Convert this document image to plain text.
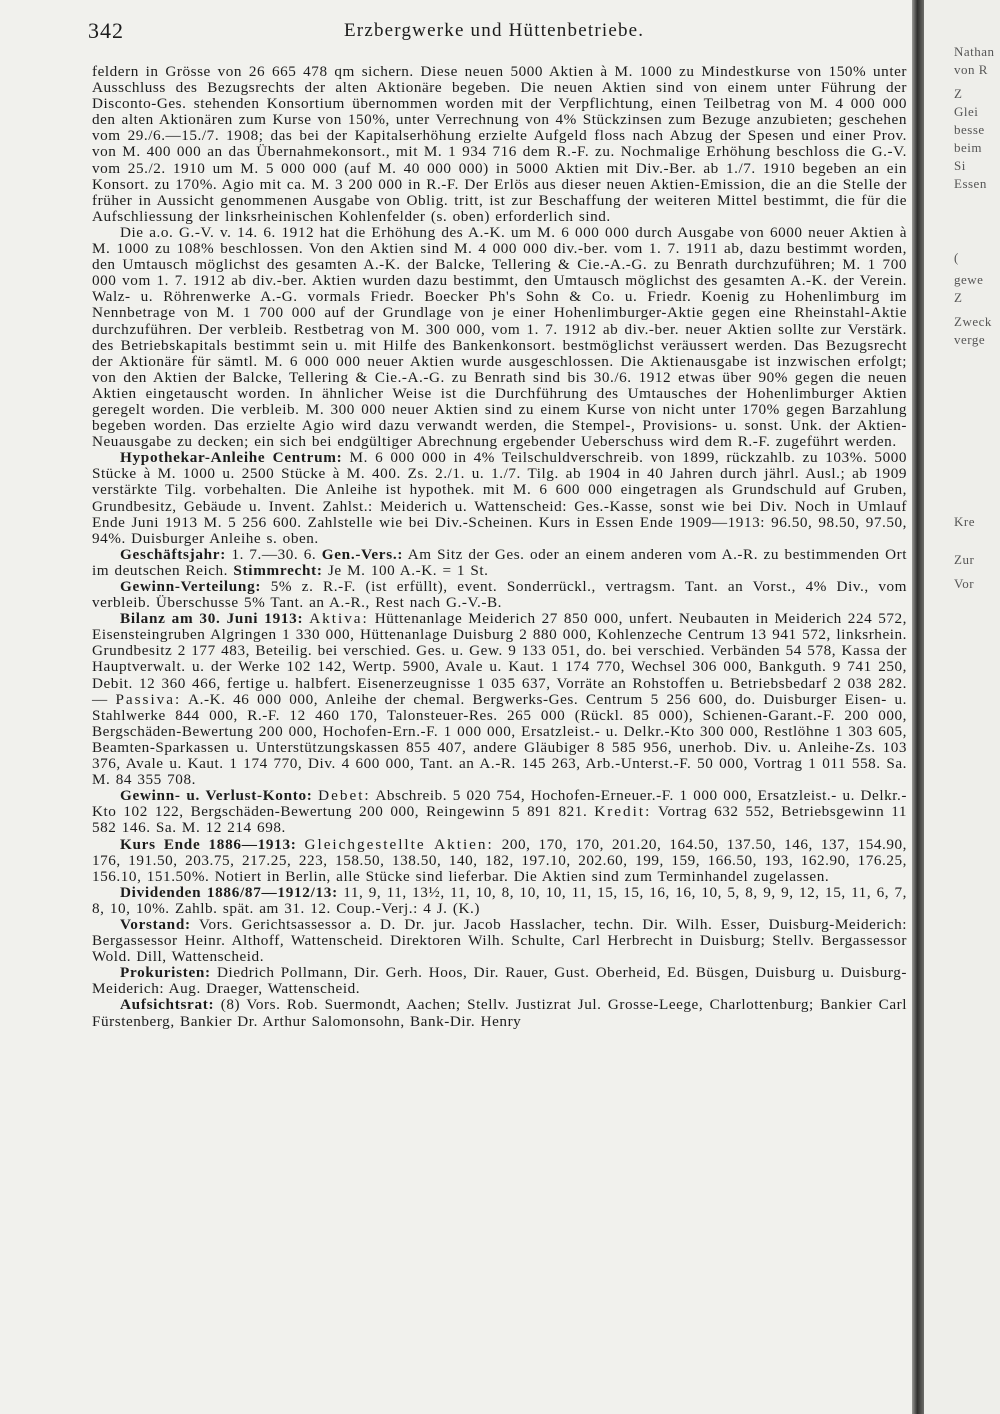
342	Erzbergwerke und Hüttenbetriebe.

feldern in Grösse von 26 665 478 qm sichern. Diese neuen 5000 Aktien à M. 1000 zu Mindestkurse von 150% unter Ausschluss des Bezugsrechts der alten Aktionäre begeben. Die neuen Aktien sind von einem unter Führung der Disconto-Ges. stehenden Konsortium übernommen worden mit der Verpflichtung, einen Teilbetrag von M. 4 000 000 den alten Aktionären zum Kurse von 150%, unter Verrechnung von 4% Stückzinsen zum Bezuge anzubieten; geschehen vom 29./6.—15./7. 1908; das bei der Kapitalserhöhung erzielte Aufgeld floss nach Abzug der Spesen und einer Prov. von M. 400 000 an das Übernahmekonsort., mit M. 1 934 716 dem R.-F. zu. Nochmalige Erhöhung beschloss die G.-V. vom 25./2. 1910 um M. 5 000 000 (auf M. 40 000 000) in 5000 Aktien mit Div.-Ber. ab 1./7. 1910 begeben an ein Konsort. zu 170%. Agio mit ca. M. 3 200 000 in R.-F. Der Erlös aus dieser neuen Aktien-Emission, die an die Stelle der früher in Aussicht genommenen Ausgabe von Oblig. tritt, ist zur Beschaffung der weiteren Mittel bestimmt, die für die Aufschliessung der linksrheinischen Kohlenfelder (s. oben) erforderlich sind.

Die a.o. G.-V. v. 14. 6. 1912 hat die Erhöhung des A.-K. um M. 6 000 000 durch Ausgabe von 6000 neuer Aktien à M. 1000 zu 108% beschlossen. Von den Aktien sind M. 4 000 000 div.-ber. vom 1. 7. 1911 ab, dazu bestimmt worden, den Umtausch möglichst des gesamten A.-K. der Balcke, Tellering & Cie.-A.-G. zu Benrath durchzuführen; M. 1 700 000 vom 1. 7. 1912 ab div.-ber. Aktien wurden dazu bestimmt, den Umtausch möglichst des gesamten A.-K. der Verein. Walz- u. Röhrenwerke A.-G. vormals Friedr. Boecker Ph's Sohn & Co. u. Friedr. Koenig zu Hohenlimburg im Nennbetrage von M. 1 700 000 auf der Grundlage von je einer Hohenlimburger-Aktie gegen eine Rheinstahl-Aktie durchzuführen. Der verbleib. Restbetrag von M. 300 000, vom 1. 7. 1912 ab div.-ber. neuer Aktien sollte zur Verstärk. des Betriebskapitals bestimmt sein u. mit Hilfe des Bankenkonsort. bestmöglichst veräussert werden. Das Bezugsrecht der Aktionäre für sämtl. M. 6 000 000 neuer Aktien wurde ausgeschlossen. Die Aktienausgabe ist inzwischen erfolgt; von den Aktien der Balcke, Tellering & Cie.-A.-G. zu Benrath sind bis 30./6. 1912 etwas über 90% gegen die neuen Aktien eingetauscht worden. In ähnlicher Weise ist die Durchführung des Umtausches der Hohenlimburger Aktien geregelt worden. Die verbleib. M. 300 000 neuer Aktien sind zu einem Kurse von nicht unter 170% gegen Barzahlung begeben worden. Das erzielte Agio wird dazu verwandt werden, die Stempel-, Provisions- u. sonst. Unk. der Aktien-Neuausgabe zu decken; ein sich bei endgültiger Abrechnung ergebender Ueberschuss wird dem R.-F. zugeführt werden.

Hypothekar-Anleihe Centrum: M. 6 000 000 in 4% Teilschuldverschreib. von 1899, rückzahlb. zu 103%. 5000 Stücke à M. 1000 u. 2500 Stücke à M. 400. Zs. 2./1. u. 1./7. Tilg. ab 1904 in 40 Jahren durch jährl. Ausl.; ab 1909 verstärkte Tilg. vorbehalten. Die Anleihe ist hypothek. mit M. 6 600 000 eingetragen als Grundschuld auf Gruben, Grundbesitz, Gebäude u. Invent. Zahlst.: Meiderich u. Wattenscheid: Ges.-Kasse, sonst wie bei Div. Noch in Umlauf Ende Juni 1913 M. 5 256 600. Zahlstelle wie bei Div.-Scheinen. Kurs in Essen Ende 1909—1913: 96.50, 98.50, 97.50, 94%. Duisburger Anleihe s. oben.

Geschäftsjahr: 1. 7.—30. 6. Gen.-Vers.: Am Sitz der Ges. oder an einem anderen vom A.-R. zu bestimmenden Ort im deutschen Reich. Stimmrecht: Je M. 100 A.-K. = 1 St.

Gewinn-Verteilung: 5% z. R.-F. (ist erfüllt), event. Sonderrückl., vertragsm. Tant. an Vorst., 4% Div., vom verbleib. Überschusse 5% Tant. an A.-R., Rest nach G.-V.-B.

Bilanz am 30. Juni 1913: Aktiva: Hüttenanlage Meiderich 27 850 000, unfert. Neubauten in Meiderich 224 572, Eisensteingruben Algringen 1 330 000, Hüttenanlage Duisburg 2 880 000, Kohlenzeche Centrum 13 941 572, linksrhein. Grundbesitz 2 177 483, Beteilig. bei verschied. Ges. u. Gew. 9 133 051, do. bei verschied. Verbänden 54 578, Kassa der Hauptverwalt. u. der Werke 102 142, Wertp. 5900, Avale u. Kaut. 1 174 770, Wechsel 306 000, Bankguth. 9 741 250, Debit. 12 360 466, fertige u. halbfert. Eisenerzeugnisse 1 035 637, Vorräte an Rohstoffen u. Betriebsbedarf 2 038 282. — Passiva: A.-K. 46 000 000, Anleihe der chemal. Bergwerks-Ges. Centrum 5 256 600, do. Duisburger Eisen- u. Stahlwerke 844 000, R.-F. 12 460 170, Talonsteuer-Res. 265 000 (Rückl. 85 000), Schienen-Garant.-F. 200 000, Bergschäden-Bewertung 200 000, Hochofen-Ern.-F. 1 000 000, Ersatzleist.- u. Delkr.-Kto 300 000, Restlöhne 1 303 605, Beamten-Sparkassen u. Unterstützungskassen 855 407, andere Gläubiger 8 585 956, unerhob. Div. u. Anleihe-Zs. 103 376, Avale u. Kaut. 1 174 770, Div. 4 600 000, Tant. an A.-R. 145 263, Arb.-Unterst.-F. 50 000, Vortrag 1 011 558. Sa. M. 84 355 708.

Gewinn- u. Verlust-Konto: Debet: Abschreib. 5 020 754, Hochofen-Erneuer.-F. 1 000 000, Ersatzleist.- u. Delkr.-Kto 102 122, Bergschäden-Bewertung 200 000, Reingewinn 5 891 821. Kredit: Vortrag 632 552, Betriebsgewinn 11 582 146. Sa. M. 12 214 698.

Kurs Ende 1886—1913: Gleichgestellte Aktien: 200, 170, 170, 201.20, 164.50, 137.50, 146, 137, 154.90, 176, 191.50, 203.75, 217.25, 223, 158.50, 138.50, 140, 182, 197.10, 202.60, 199, 159, 166.50, 193, 162.90, 176.25, 156.10, 151.50%. Notiert in Berlin, alle Stücke sind lieferbar. Die Aktien sind zum Terminhandel zugelassen.

Dividenden 1886/87—1912/13: 11, 9, 11, 13½, 11, 10, 8, 10, 10, 11, 15, 15, 16, 16, 10, 5, 8, 9, 9, 12, 15, 11, 6, 7, 8, 10, 10%. Zahlb. spät. am 31. 12. Coup.-Verj.: 4 J. (K.)

Vorstand: Vors. Gerichtsassessor a. D. Dr. jur. Jacob Hasslacher, techn. Dir. Wilh. Esser, Duisburg-Meiderich: Bergassessor Heinr. Althoff, Wattenscheid. Direktoren Wilh. Schulte, Carl Herbrecht in Duisburg; Stellv. Bergassessor Wold. Dill, Wattenscheid.

Prokuristen: Diedrich Pollmann, Dir. Gerh. Hoos, Dir. Rauer, Gust. Oberheid, Ed. Büsgen, Duisburg u. Duisburg-Meiderich: Aug. Draeger, Wattenscheid.

Aufsichtsrat: (8) Vors. Rob. Suermondt, Aachen; Stellv. Justizrat Jul. Grosse-Leege, Charlottenburg; Bankier Carl Fürstenberg, Bankier Dr. Arthur Salomonsohn, Bank-Dir. Henry

Nathan
von R
Z
Glei
besse
beim
Si
Essen
(
gewe
Z
Zweck
verge
Kre
Zur
Vor
